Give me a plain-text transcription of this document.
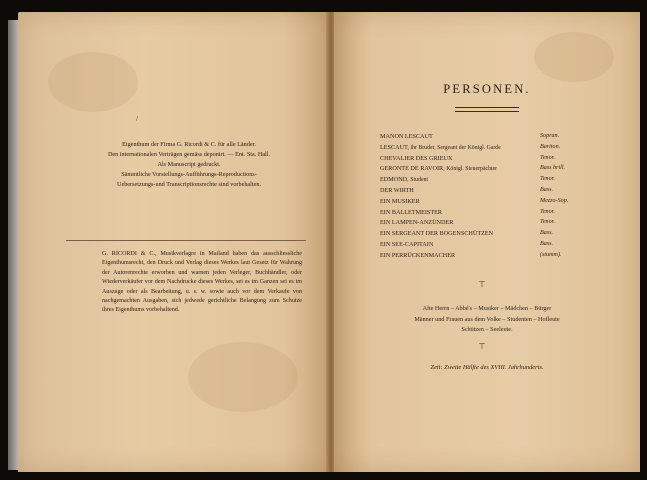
/
Eigenthum der Firma G. Ricordi & C. für alle Länder.
Den internationalen Verträgen gemäss deponirt. — Ent. Sta. Hall.
Als Manuscript gedruckt.
Sämmtliche Vorstellungs-Aufführungs-Reproductions-
Uebersetzungs-und Transcriptionsrechte sind vorbehalten.
G. RICORDI & C., Musikverlagre in Mailand haben das ausschliessliche Eigenthumsrecht, den Druck und Verlag dieses Werkes laut Gesetz für Wahrung der Autorenrechte erworben und warnen jeden Verleger, Buchhändler, oder Wiederverkäufer vor dem Nachdrucke dieses Werkes, sei es im Ganzen sei es im Auszuge oder als Bearbeitung, u. s. w. sowie auch vor dem Verkaufe von nachgemachten Ausgaben, sich jedwede gerichtliche Belangung zum Schutze ihres Eigenthums vorbehaltend.
PERSONEN.
MANON LESCAUT	Sopran.
LESCAUT, ihr Bruder, Sergeant der Königl. Garde	Bariton.
CHEVALIER DES GRIEUX	Tenor.
GERONTE DE RAVOIR, Königl. Steuerpächter	Bass brill.
EDMOND, Student	Tenor.
DER WIRTH	Bass.
EIN MUSIKER	Mezzo-Sop.
EIN BALLETMEISTER	Tenor.
EIN LAMPEN-ANZÜNDER	Tenor.
EIN SERGEANT DER BOGENSCHÜTZEN	Bass.
EIN SEE-CAPITAIN	Bass.
EIN PERRÜCKENMACHER	(stumm).
⊤
Alte Herrn – Abbé's – Musiker – Mädchen – Bürger
Männer und Frauen aus dem Volke – Studenten – Hofleute
Schützen – Seeleute.
⊤
Zeit: Zweite Hälfte des XVIII. Jahrhunderts.
